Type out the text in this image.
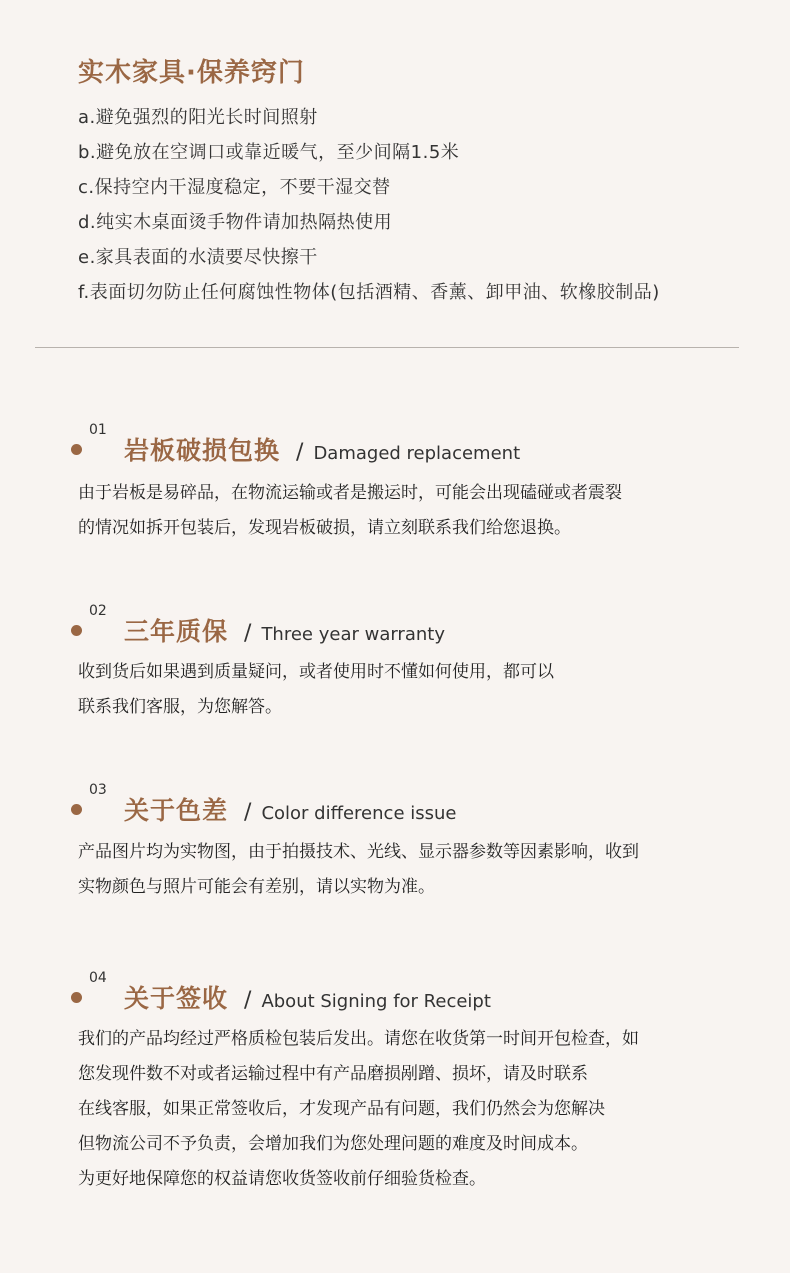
实木家具·保养窍门
a.避免强烈的阳光长时间照射
b.避免放在空调口或靠近暖气，至少间隔1.5米
c.保持空内干湿度稳定，不要干湿交替
d.纯实木桌面烫手物件请加热隔热使用
e.家具表面的水渍要尽快擦干
f.表面切勿防止任何腐蚀性物体(包括酒精、香薰、卸甲油、软橡胶制品)
01
岩板破损包换 / Damaged replacement
由于岩板是易碎品，在物流运输或者是搬运时，可能会出现磕碰或者震裂
的情况如拆开包装后，发现岩板破损，请立刻联系我们给您退换。
02
三年质保 / Three year warranty
收到货后如果遇到质量疑问，或者使用时不懂如何使用，都可以
联系我们客服，为您解答。
03
关于色差 / Color difference issue
产品图片均为实物图，由于拍摄技术、光线、显示器参数等因素影响，收到
实物颜色与照片可能会有差别，请以实物为准。
04
关于签收 / About Signing for Receipt
我们的产品均经过严格质检包装后发出。请您在收货第一时间开包检查，如
您发现件数不对或者运输过程中有产品磨损剐蹭、损坏，请及时联系
在线客服，如果正常签收后，才发现产品有问题，我们仍然会为您解决
但物流公司不予负责，会增加我们为您处理问题的难度及时间成本。
为更好地保障您的权益请您收货签收前仔细验货检查。
